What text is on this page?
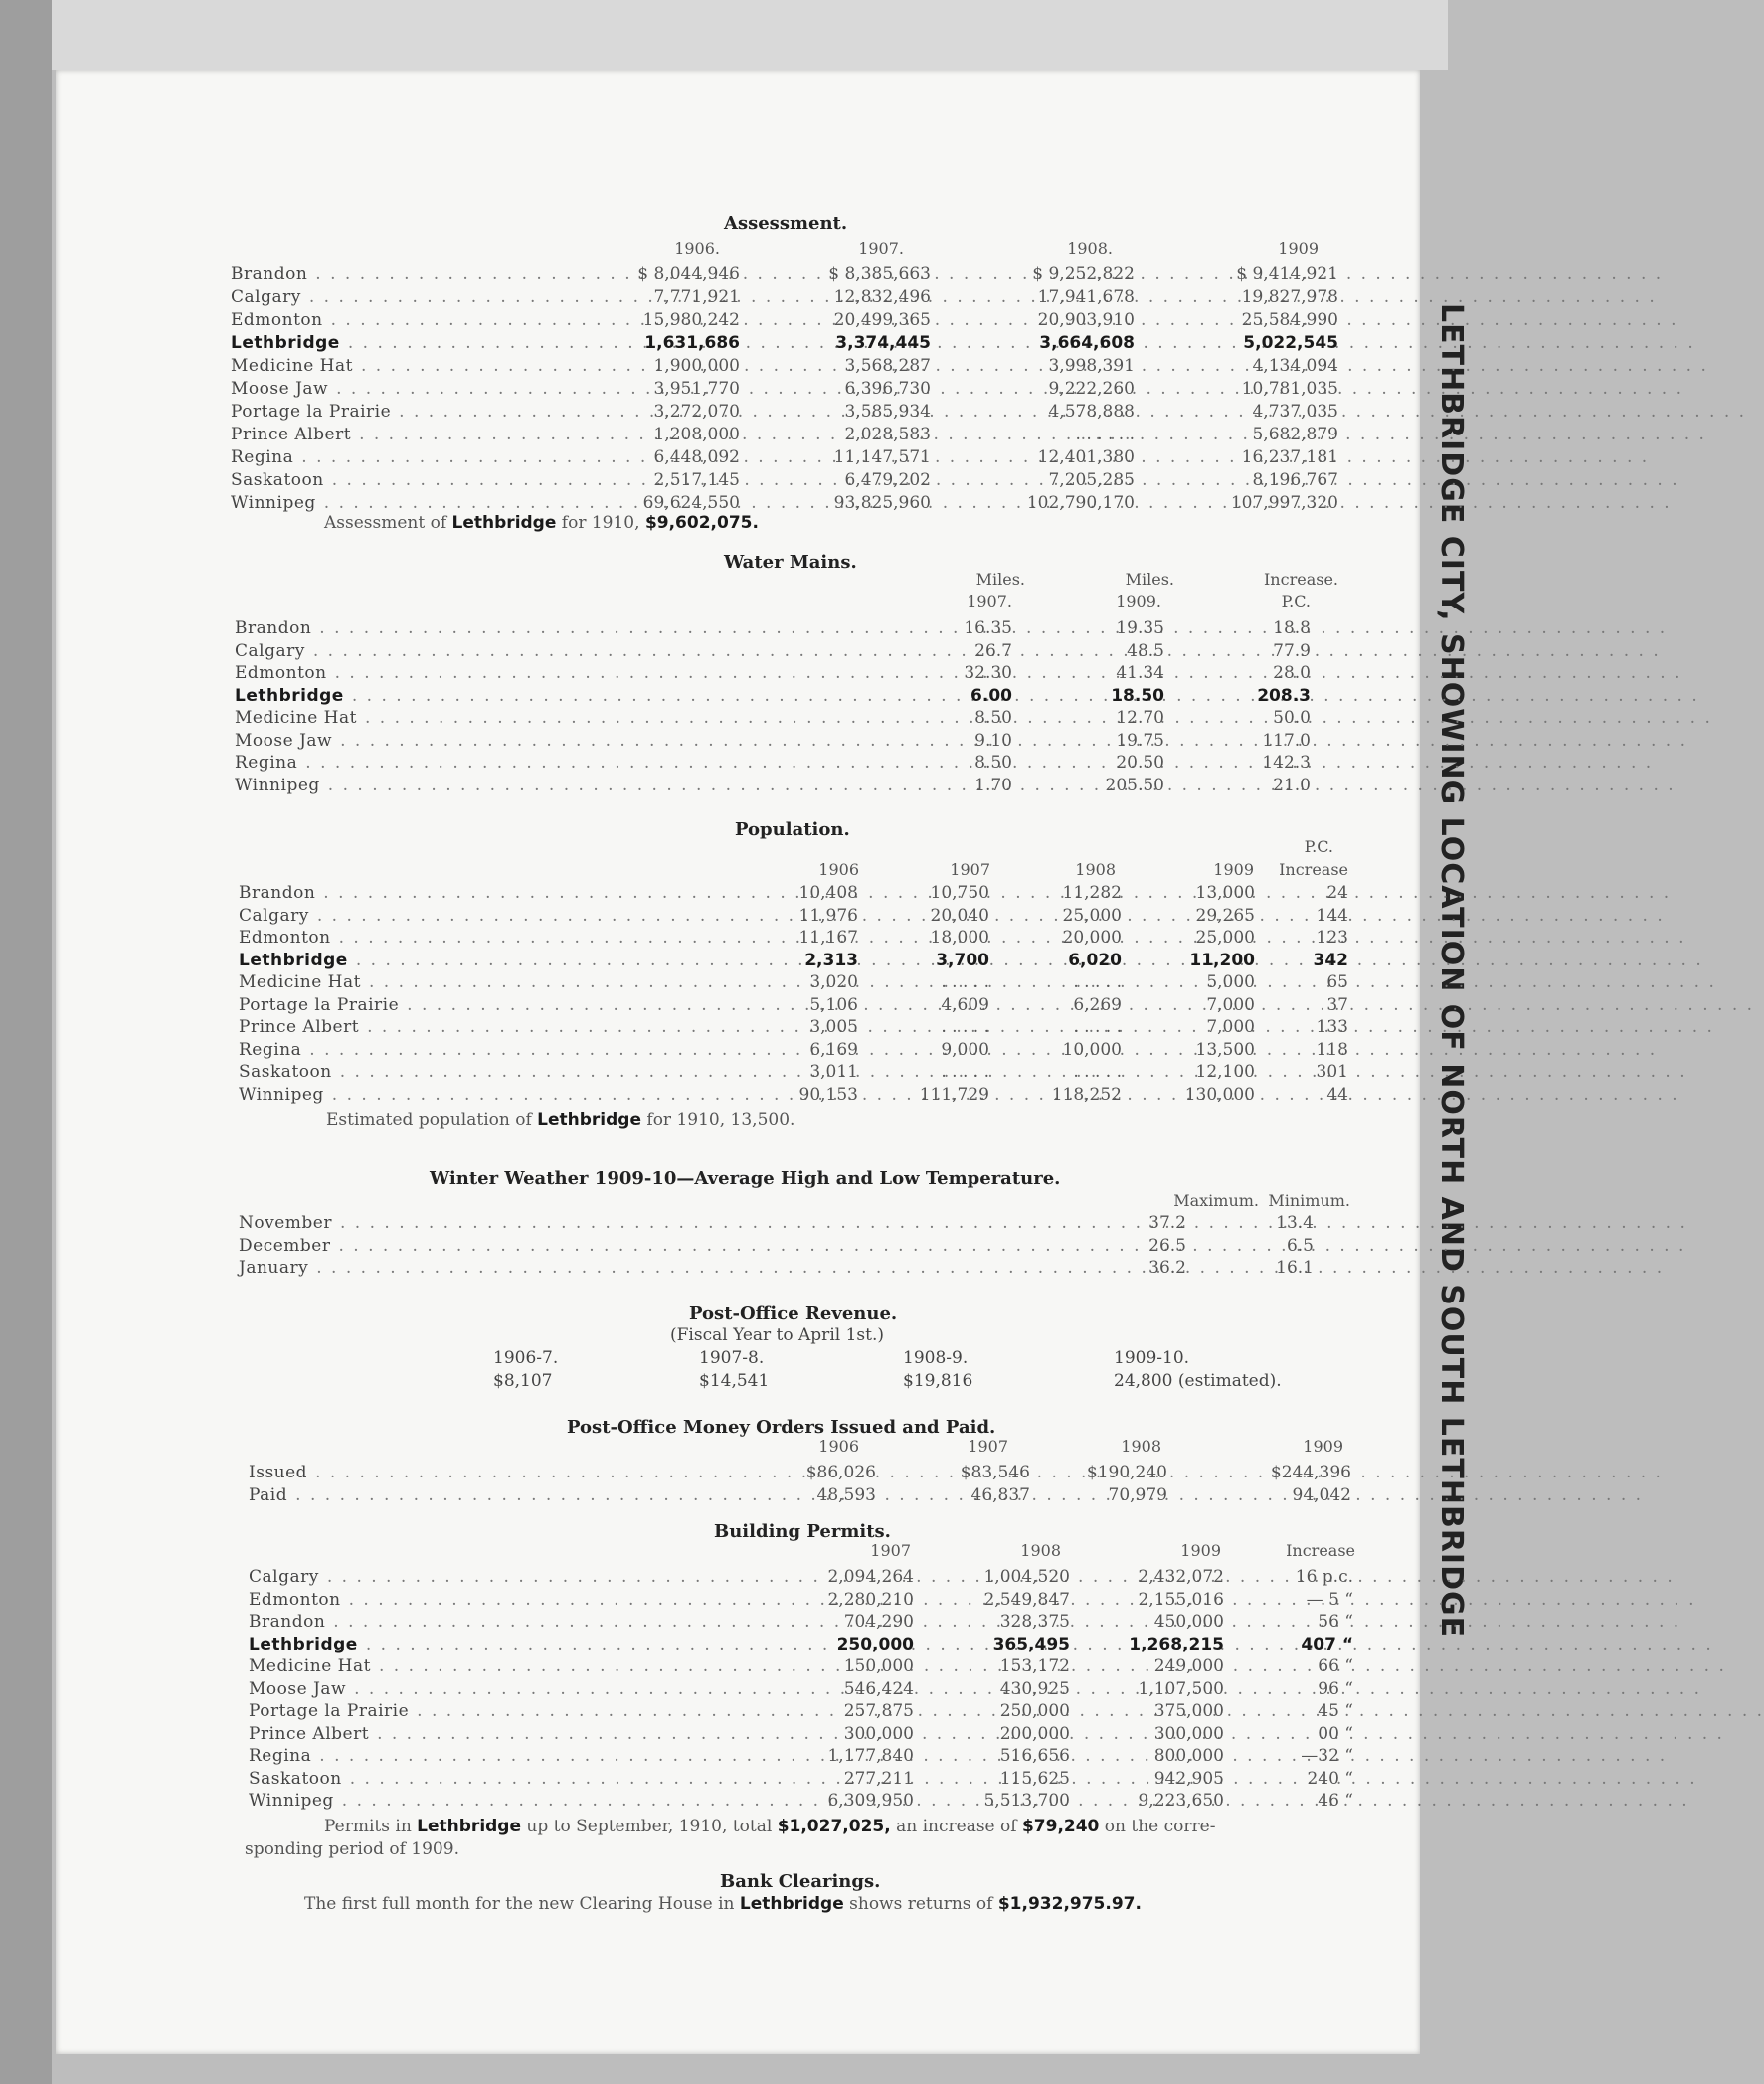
LETHBRIDGE CITY, SHOWING LOCATION OF NORTH AND SOUTH LETHBRIDGE
Assessment.
1906.	1907.	1908.	1909
Brandon . . .	$ 8,044,946	$ 8,385,663	$ 9,252,822	$ 9,414,921
Calgary . . .	7,771,921	12,832,496	17,941,678	19,827,978
Edmonton . . .	15,980,242	20,499,365	20,903,910	25,584,990
Lethbridge . . .	1,631,686	3,374,445	3,664,608	5,022,545
Medicine Hat . . .	1,900,000	3,568,287	3,998,391	4,134,094
Moose Jaw . . .	3,951,770	6,396,730	9,222,260	10,781,035
Portage la Prairie . . .	3,272,070	3,585,934	4,578,888	4,737,035
Prince Albert . . .	1,208,000	2,028,583	. . . . . .	5,682,879
Regina . . .	6,448,092	11,147,571	12,401,380	16,237,181
Saskatoon . . .	2,517,145	6,479,202	7,205,285	8,196,767
Winnipeg . . .	69,624,550	93,825,960	102,790,170	107,997,320
Assessment of Lethbridge for 1910, $9,602,075.
Water Mains.
Miles.	Miles.	Increase.
1907.	1909.	P.C.
Brandon . . .	16.35	19.35	18.8
Calgary . . .	26.7	48.5	77.9
Edmonton . . .	32.30	41.34	28.0
Lethbridge . . .	6.00	18.50	208.3
Medicine Hat . . .	8.50	12.70	50.0
Moose Jaw . . .	9.10	19.75	117.0
Regina . . .	8.50	20.50	142.3
Winnipeg . . .	1.70	205.50	21.0
Population.
P.C.
1906	1907	1908	1909	Increase
Brandon . . .	10,408	10,750	11,282	13,000	24
Calgary . . .	11,976	20,040	25,000	29,265	144
Edmonton . . .	11,167	18,000	20,000	25,000	123
Lethbridge . . .	2,313	3,700	6,020	11,200	342
Medicine Hat . . .	3,020	. . . . .	. . . . .	5,000	65
Portage la Prairie . . .	5,106	4,609	6,269	7,000	37
Prince Albert . . .	3,005	. . . . .	. . . . .	7,000	133
Regina . . .	6,169	9,000	10,000	13,500	118
Saskatoon . . .	3,011	. . . . .	. . . . .	12,100	301
Winnipeg . . .	90,153	111,729	118,252	130,000	44
Estimated population of Lethbridge for 1910, 13,500.
Winter Weather 1909-10—Average High and Low Temperature.
Maximum. Minimum.
November . . .	37.2	13.4
December . . .	26.5	6.5
January . . .	36.2	16.1
Post-Office Revenue.
(Fiscal Year to April 1st.)
1906-7.	1907-8.	1908-9.	1909-10.
$8,107	$14,541	$19,816	24,800 (estimated).
Post-Office Money Orders Issued and Paid.
1906	1907	1908	1909
Issued . . .	$86,026	$83,546	$190,240	$244,396
Paid . . .	48,593	46,837	70,979	94,042
Building Permits.
1907	1908	1909	Increase
Calgary . . .	2,094,264	1,004,520	2,432,072	16 p.c.
Edmonton . . .	2,280,210	2,549,847	2,155,016	— 5 “
Brandon . . .	704,290	328,375	450,000	56 “
Lethbridge . . .	250,000	365,495	1,268,215	407 “
Medicine Hat . . .	150,000	153,172	249,000	66 “
Moose Jaw . . .	546,424	430,925	1,107,500	96 “
Portage la Prairie . . .	257,875	250,000	375,000	45 “
Prince Albert . . .	300,000	200,000	300,000	00 “
Regina . . .	1,177,840	516,656	800,000	—32 “
Saskatoon . . .	277,211	115,625	942,905	240 “
Winnipeg . . .	6,309,950	5,513,700	9,223,650	46 “
Permits in Lethbridge up to September, 1910, total $1,027,025, an increase of $79,240 on the corre-
sponding period of 1909.
Bank Clearings.
The first full month for the new Clearing House in Lethbridge shows returns of $1,932,975.97.
